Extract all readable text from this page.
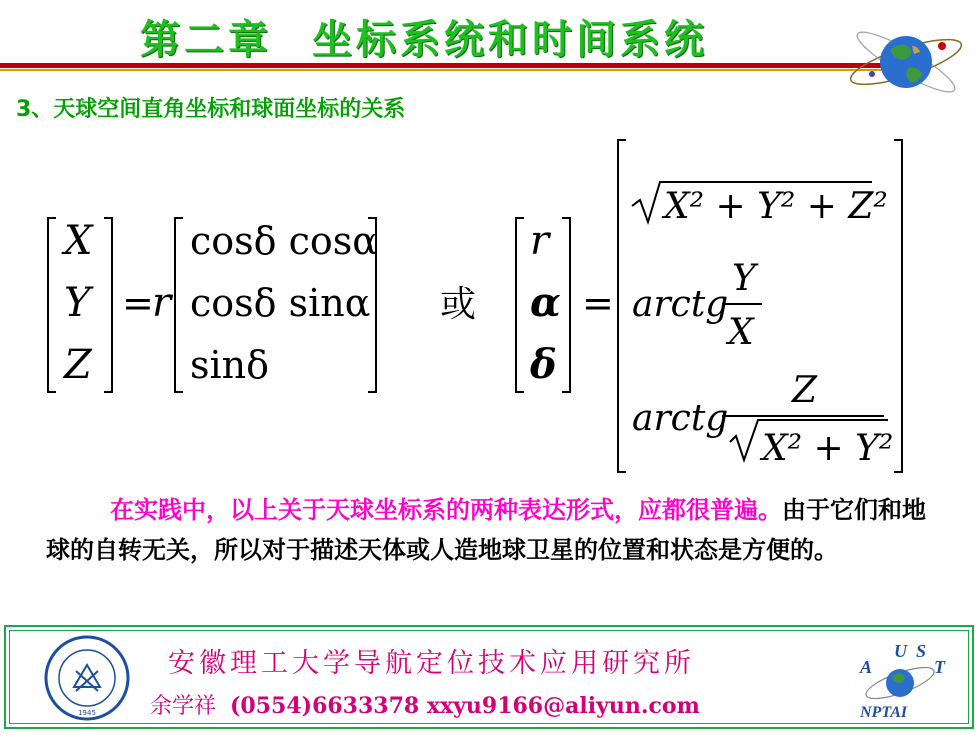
第二章 坐标系统和时间系统
3、天球空间直角坐标和球面坐标的关系
X
Y
Z
=
r
cosδ cosα
cosδ sinα
sinδ
或
r
α
δ
=
X² + Y² + Z²
arctg
Y
X
arctg
Z
X² + Y²
在实践中，以上关于天球坐标系的两种表达形式，应都很普遍。由于它们和地球的自转无关，所以对于描述天体或人造地球卫星的位置和状态是方便的。
1945
安徽理工大学导航定位技术应用研究所
余学祥 (0554)6633378 xxyu9166@aliyun.com
A
U S
T
NPTAI
